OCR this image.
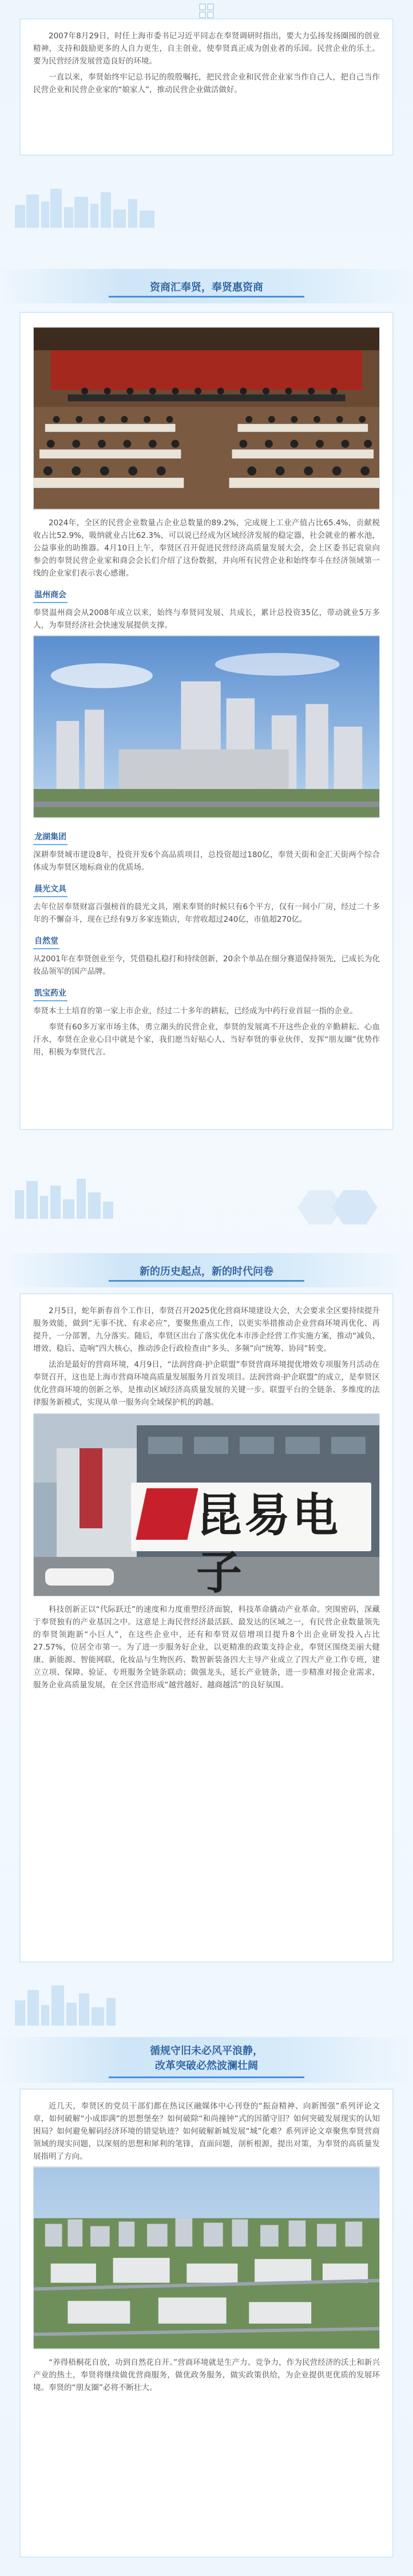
2007年8月29日，时任上海市委书记习近平同志在奉贤调研时指出，要大力弘扬发扬圈囤的创业精神，支持和鼓励更多的人自力更生，自主创业，使奉贤真正成为创业者的乐园。民营企业的乐土。要为民营经济发展营造良好的环境。

一直以来，奉贤始终牢记总书记的殷殷嘱托，把民营企业和民营企业家当作自己人，把自己当作民营企业和民营企业家的“娘家人”，推动民营企业做活做好。

资商汇奉贤，奉贤惠资商

2024年，全区的民营企业数量占企业总数量的89.2%，完成规上工业产值占比65.4%，贡献税收占比52.9%，吸纳就业占比62.3%，可以说已经成为区域经济发展的稳定器，社会就业的蓄水池，公益事业的助推器。4月10日上午，奉贤区召开促进民营经济高质量发展大会，会上区委书记袁泉向参会的奉贤民营企业家和商会会长们介绍了这份数据，并向所有民营企业和始终奉斗在经济领域第一线的企业家们表示衷心感谢。

温州商会

奉贤温州商会从2008年成立以来，始终与奉贤同发展、共成长，累计总投资35亿，带动就业5万多人，为奉贤经济社会快速发展提供支撑。

龙湖集团

深耕奉贤城市建设8年，投资开发6个高品质项目，总投资超过180亿，奉贤天街和金汇天街两个综合体成为奉贤区地标商业的优质场。

晨光文具

去年位居奉贤财富百强榜首的晨光文具，刚来奉贤的时候只有6个平方，仅有一间小厂房，经过二十多年的不懈奋斗，现在已经有9万多家连锁店，年营收超过240亿，市值超270亿。

自然堂

从2001年在奉贤创业至今，凭借稳扎稳打和持续创新，20余个单品在细分赛道保持领先，已成长为化妆品领军的国产品牌。

凯宝药业

奉贤本土土培育的第一家上市企业，经过二十多年的耕耘，已经成为中药行业首屈一指的企业。

奉贤有60多万家市场主体，勇立潮头的民营企业，奉贤的发展离不开这些企业的辛勤耕耘。心血汗水，奉贤在企业心目中就是个家，我们愿当好贴心人、当好奉贤的事业伙伴，发挥“朋友圈”优势作用，积极为奉贤代言。

新的历史起点，新的时代问卷

2月5日，蛇年新春首个工作日，奉贤召开2025优化营商环境建设大会，大会要求全区要持续提升服务效能，做到“无事不扰、有求必应”，要聚焦重点工作，以更实举措推动企业营商环境再优化、再提升，一分部署，九分落实。随后，奉贤区出台了落实优化本市涉企经营工作实施方案，推动“减负、增效、稳后、造响”四大核心，推动涉企行政检查由“多头、多频”向“统筹、协同”转变。

法治是最好的营商环境，4月9日，“法润营商·护企联盟”奉贤营商环境提优增效专项服务月活动在奉贤召开，这也是上海市营商环境高质量发展服务月首发项目。法润营商·护企联盟”的成立，是奉贤区优化营商环境的创新之举，是推动区域经济高质量发展的关键一步。联盟平台的全链条、多维度的法律服务新模式，实现从单一服务向全域保护机的跨越。

昆易电子

科技创新正以“代际跃迁”的速度和力度重塑经济面貌，科技革命撬动产业革命。突围密码，深藏于奉贤独有的产业基因之中。这意是上海民营经济最活跃、最发达的区域之一，有民营企业数量领先的奉贤领跑新“小巨人”，在这些企业中，还有和奉贤双倍增项目提升8个出企业研发投入占比27.57%，位居全市第一。为了进一步服务好企业，以更精准的政策支持企业，奉贤区围绕美丽大健康、新能源、智能网联、化妆品与生物医药、数智新装备四大主导产业成立了四大产业工作专班，建立立项、保障、验证、专班服务全链条联动；做强龙头，延长产业链条，进一步精准对接企业需求，服务企业高质量发展，在全区营造形成“越营越好、越商越活”的良好氛围。

循规守旧未必风平浪静，
改革突破必然波澜壮阔

近几天，奉贤区的党员干部们都在热议区融媒体中心刊登的“振奋精神、向新图强”系列评论文章，如何破解“小成即满”的思想堡垒？如何破除“和尚撞钟”式的因循守旧？如何突破发展现实的认知困局？如何避免解码经济环境的错觉轨迹？如何破解新城发展“城”化难？系列评论文章聚焦奉贤营商领域的现实问题，以深刻的思想和犀利的笔锋，直面问题，剖析根源，提出对策，为奉贤的高质量发展指明了方向。

“养得梧桐花自放，功到自然花自开。”营商环境就是生产力、竞争力，作为民营经济的沃土和新兴产业的热土，奉贤将继续做优营商服务，做优政务服务，做实政策供给，为企业提供更优质的发展环境。奉贤的“朋友圈”必将不断壮大。
